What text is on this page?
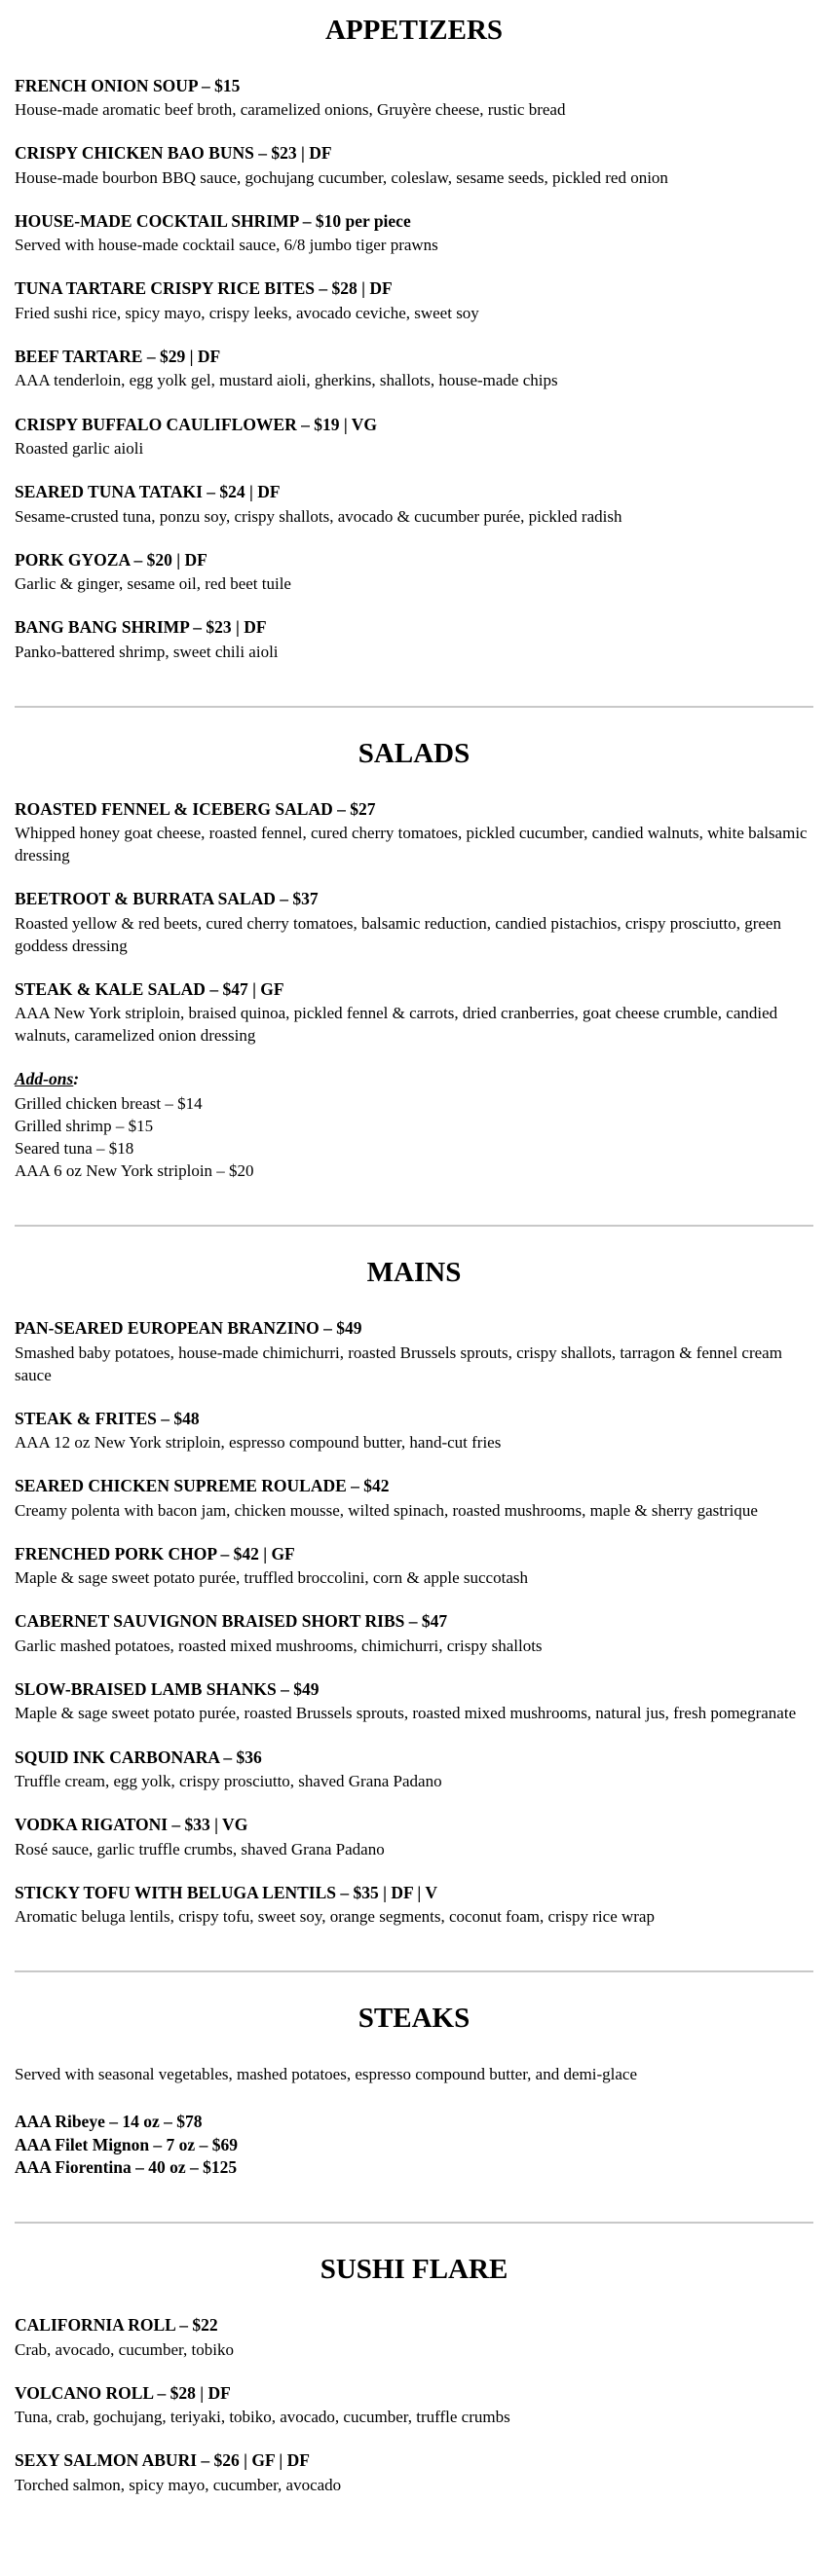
APPETIZERS
FRENCH ONION SOUP – $15

House-made aromatic beef broth, caramelized onions, Gruyère cheese, rustic bread

CRISPY CHICKEN BAO BUNS – $23 | DF

House-made bourbon BBQ sauce, gochujang cucumber, coleslaw, sesame seeds, pickled red onion

HOUSE-MADE COCKTAIL SHRIMP – $10 per piece

Served with house-made cocktail sauce, 6/8 jumbo tiger prawns

TUNA TARTARE CRISPY RICE BITES – $28 | DF

Fried sushi rice, spicy mayo, crispy leeks, avocado ceviche, sweet soy

BEEF TARTARE – $29 | DF

AAA tenderloin, egg yolk gel, mustard aioli, gherkins, shallots, house-made chips

CRISPY BUFFALO CAULIFLOWER – $19 | VG

Roasted garlic aioli

SEARED TUNA TATAKI – $24 | DF

Sesame-crusted tuna, ponzu soy, crispy shallots, avocado & cucumber purée, pickled radish

PORK GYOZA – $20 | DF

Garlic & ginger, sesame oil, red beet tuile

BANG BANG SHRIMP – $23 | DF

Panko-battered shrimp, sweet chili aioli

SALADS
ROASTED FENNEL & ICEBERG SALAD – $27

Whipped honey goat cheese, roasted fennel, cured cherry tomatoes, pickled cucumber, candied walnuts, white balsamic dressing

BEETROOT & BURRATA SALAD – $37

Roasted yellow & red beets, cured cherry tomatoes, balsamic reduction, candied pistachios, crispy prosciutto, green goddess dressing

STEAK & KALE SALAD – $47 | GF

AAA New York striploin, braised quinoa, pickled fennel & carrots, dried cranberries, goat cheese crumble, candied walnuts, caramelized onion dressing

Add-ons:

Grilled chicken breast – $14

Grilled shrimp – $15

Seared tuna – $18

AAA 6 oz New York striploin – $20

MAINS
PAN-SEARED EUROPEAN BRANZINO – $49

Smashed baby potatoes, house-made chimichurri, roasted Brussels sprouts, crispy shallots, tarragon & fennel cream sauce

STEAK & FRITES – $48

AAA 12 oz New York striploin, espresso compound butter, hand-cut fries

SEARED CHICKEN SUPREME ROULADE – $42

Creamy polenta with bacon jam, chicken mousse, wilted spinach, roasted mushrooms, maple & sherry gastrique

FRENCHED PORK CHOP – $42 | GF

Maple & sage sweet potato purée, truffled broccolini, corn & apple succotash

CABERNET SAUVIGNON BRAISED SHORT RIBS – $47

Garlic mashed potatoes, roasted mixed mushrooms, chimichurri, crispy shallots

SLOW-BRAISED LAMB SHANKS – $49

Maple & sage sweet potato purée, roasted Brussels sprouts, roasted mixed mushrooms, natural jus, fresh pomegranate

SQUID INK CARBONARA – $36

Truffle cream, egg yolk, crispy prosciutto, shaved Grana Padano

VODKA RIGATONI – $33 | VG

Rosé sauce, garlic truffle crumbs, shaved Grana Padano

STICKY TOFU WITH BELUGA LENTILS – $35 | DF | V

Aromatic beluga lentils, crispy tofu, sweet soy, orange segments, coconut foam, crispy rice wrap

STEAKS

Served with seasonal vegetables, mashed potatoes, espresso compound butter, and demi-glace

AAA Ribeye – 14 oz – $78

AAA Filet Mignon – 7 oz – $69

AAA Fiorentina – 40 oz – $125

SUSHI FLARE
CALIFORNIA ROLL – $22

Crab, avocado, cucumber, tobiko

VOLCANO ROLL – $28 | DF

Tuna, crab, gochujang, teriyaki, tobiko, avocado, cucumber, truffle crumbs

SEXY SALMON ABURI – $26 | GF | DF

Torched salmon, spicy mayo, cucumber, avocado
